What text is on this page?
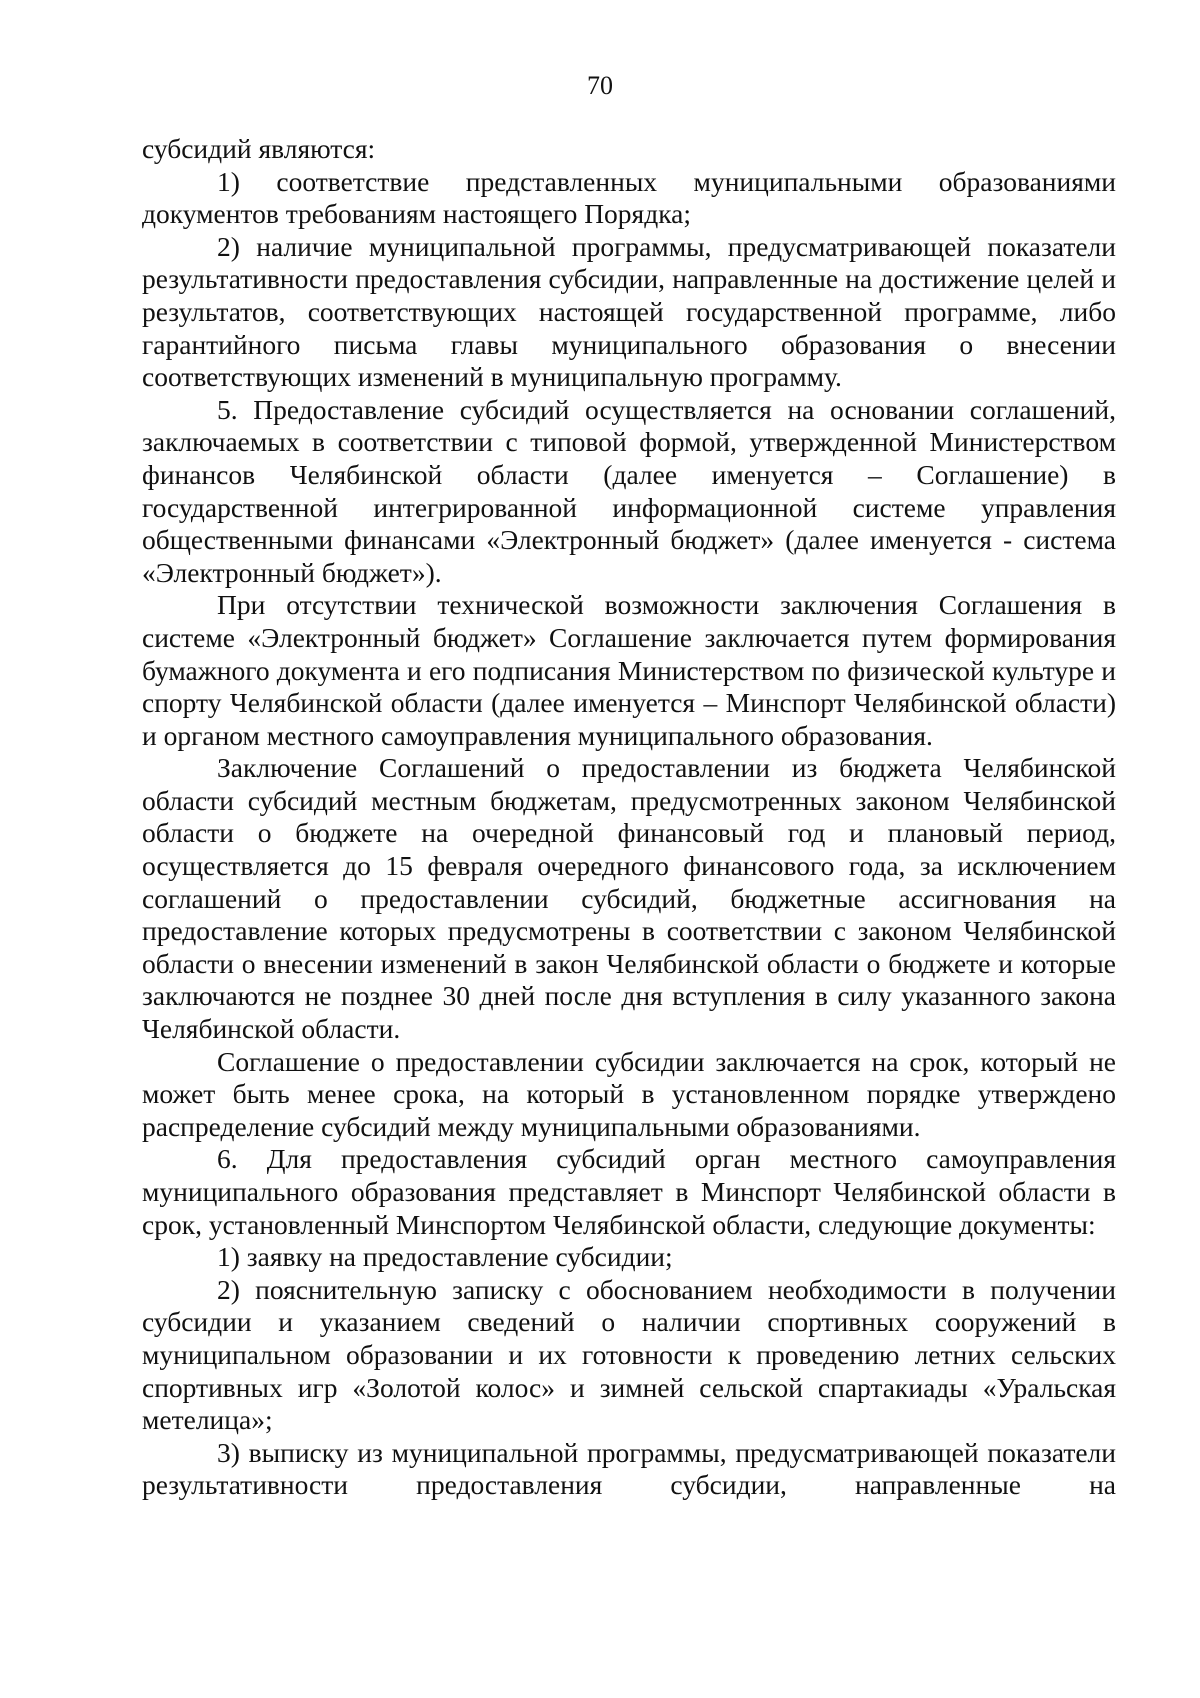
70

субсидий являются:

1) соответствие представленных муниципальными образованиями документов требованиям настоящего Порядка;

2) наличие муниципальной программы, предусматривающей показатели результативности предоставления субсидии, направленные на достижение целей и результатов, соответствующих настоящей государственной программе, либо гарантийного письма главы муниципального образования о внесении соответствующих изменений в муниципальную программу.

5. Предоставление субсидий осуществляется на основании соглашений, заключаемых в соответствии с типовой формой, утвержденной Министерством финансов Челябинской области (далее именуется – Соглашение) в государственной интегрированной информационной системе управления общественными финансами «Электронный бюджет» (далее именуется - система «Электронный бюджет»).

При отсутствии технической возможности заключения Соглашения в системе «Электронный бюджет» Соглашение заключается путем формирования бумажного документа и его подписания Министерством по физической культуре и спорту Челябинской области (далее именуется – Минспорт Челябинской области) и органом местного самоуправления муниципального образования.

Заключение Соглашений о предоставлении из бюджета Челябинской области субсидий местным бюджетам, предусмотренных законом Челябинской области о бюджете на очередной финансовый год и плановый период, осуществляется до 15 февраля очередного финансового года, за исключением соглашений о предоставлении субсидий, бюджетные ассигнования на предоставление которых предусмотрены в соответствии с законом Челябинской области о внесении изменений в закон Челябинской области о бюджете и которые заключаются не позднее 30 дней после дня вступления в силу указанного закона Челябинской области.

Соглашение о предоставлении субсидии заключается на срок, который не может быть менее срока, на который в установленном порядке утверждено распределение субсидий между муниципальными образованиями.

6. Для предоставления субсидий орган местного самоуправления муниципального образования представляет в Минспорт Челябинской области в срок, установленный Минспортом Челябинской области, следующие документы:

1) заявку на предоставление субсидии;

2) пояснительную записку с обоснованием необходимости в получении субсидии и указанием сведений о наличии спортивных сооружений в муниципальном образовании и их готовности к проведению летних сельских спортивных игр «Золотой колос» и зимней сельской спартакиады «Уральская метелица»;

3) выписку из муниципальной программы, предусматривающей показатели результативности предоставления субсидии, направленные на
